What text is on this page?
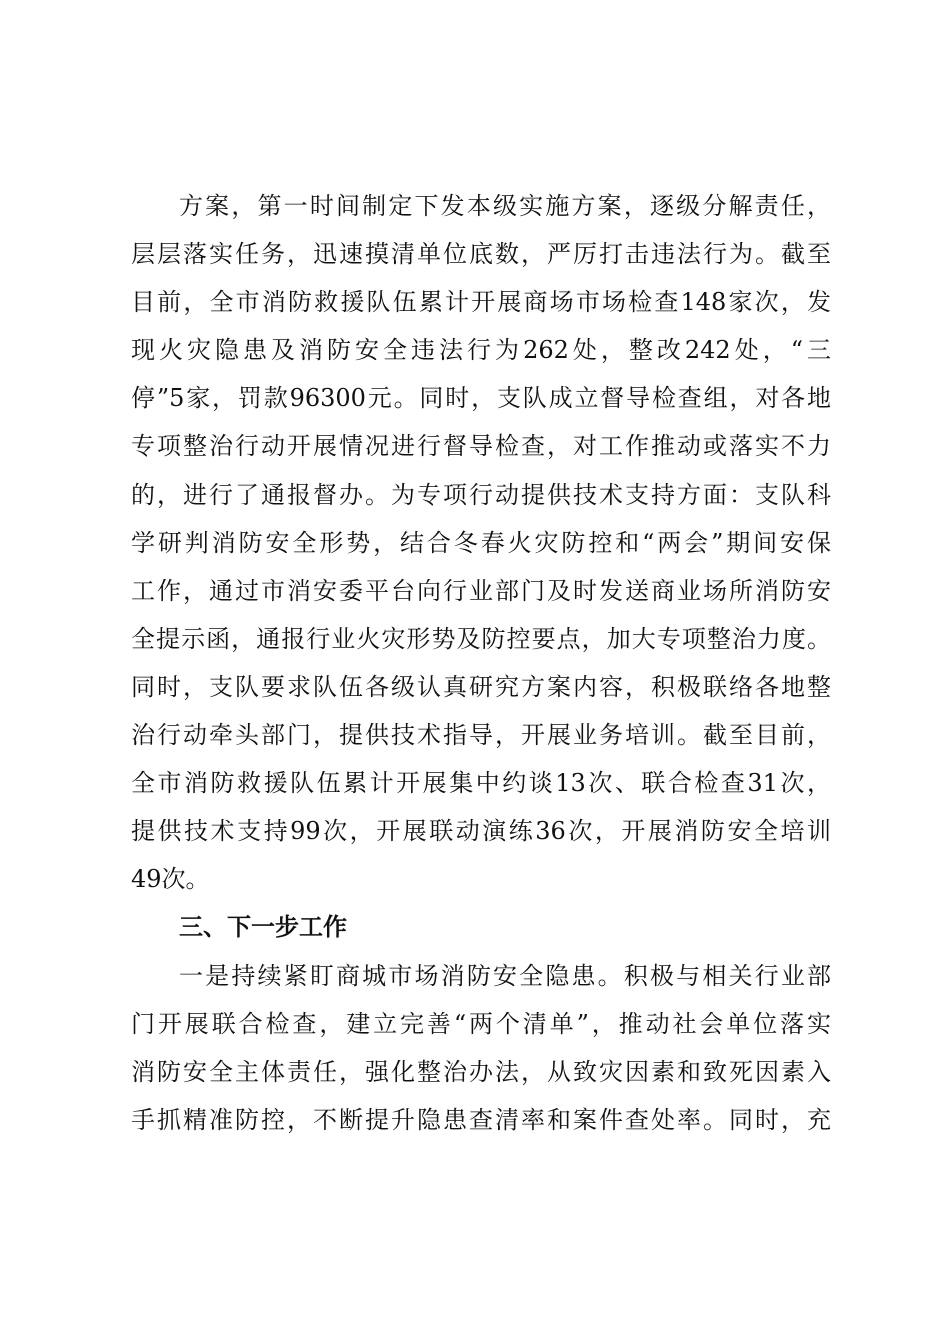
方案，第一时间制定下发本级实施方案，逐级分解责任，
层层落实任务，迅速摸清单位底数，严厉打击违法行为。截至
目前，全市消防救援队伍累计开展商场市场检查148家次，发
现火灾隐患及消防安全违法行为262处，整改242处，“三
停”5家，罚款96300元。同时，支队成立督导检查组，对各地
专项整治行动开展情况进行督导检查，对工作推动或落实不力
的，进行了通报督办。为专项行动提供技术支持方面：支队科
学研判消防安全形势，结合冬春火灾防控和“两会”期间安保
工作，通过市消安委平台向行业部门及时发送商业场所消防安
全提示函，通报行业火灾形势及防控要点，加大专项整治力度。
同时，支队要求队伍各级认真研究方案内容，积极联络各地整
治行动牵头部门，提供技术指导，开展业务培训。截至目前，
全市消防救援队伍累计开展集中约谈13次、联合检查31次，
提供技术支持99次，开展联动演练36次，开展消防安全培训
49次。
三、下一步工作
一是持续紧盯商城市场消防安全隐患。积极与相关行业部
门开展联合检查，建立完善“两个清单”，推动社会单位落实
消防安全主体责任，强化整治办法，从致灾因素和致死因素入
手抓精准防控，不断提升隐患查清率和案件查处率。同时，充
